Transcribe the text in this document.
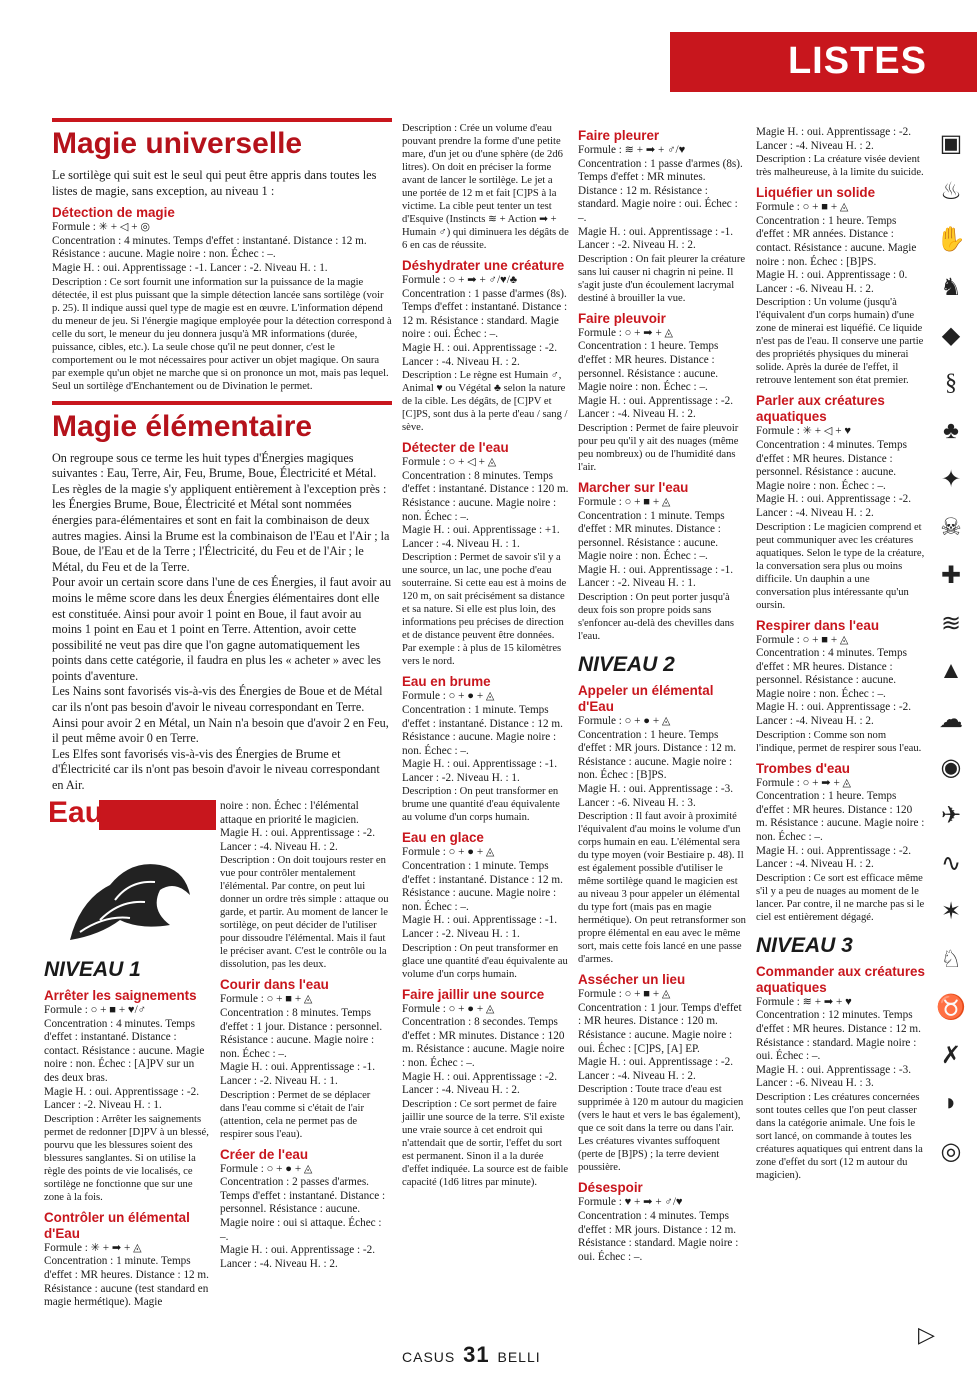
LISTES
Magie universelle
Le sortilège qui suit est le seul qui peut être appris dans toutes les listes de magie, sans exception, au niveau 1 :
Détection de magie
Formule : ✳ + ◁ + ◎
Concentration : 4 minutes. Temps d'effet : instantané. Distance : 12 m.
Résistance : aucune. Magie noire : non. Échec : –.
Magie H. : oui. Apprentissage : -1. Lancer : -2. Niveau H. : 1.
Description : Ce sort fournit une information sur la puissance de la magie détectée, il est plus puissant que la simple détection lancée sans sortilège (voir p. 25). Il indique aussi quel type de magie est en œuvre. L'information dépend du meneur de jeu. Si l'énergie magique employée pour la détection correspond à celle du sort, le meneur du jeu donnera jusqu'à MR informations (durée, puissance, cibles, etc.). La seule chose qu'il ne peut donner, c'est le comportement ou le mot nécessaires pour activer un objet magique. On saura par exemple qu'un objet ne marche que si on prononce un mot, mais pas lequel. Seul un sortilège d'Enchantement ou de Divination le permet.
Magie élémentaire
On regroupe sous ce terme les huit types d'Énergies magiques suivantes : Eau, Terre, Air, Feu, Brume, Boue, Électricité et Métal. Les règles de la magie s'y appliquent entièrement à l'exception près : les Énergies Brume, Boue, Électricité et Métal sont nommées énergies para-élémentaires et sont en fait la combinaison de deux autres magies. Ainsi la Brume est la combinaison de l'Eau et l'Air ; la Boue, de l'Eau et de la Terre ; l'Électricité, du Feu et de l'Air ; le Métal, du Feu et de la Terre.
Pour avoir un certain score dans l'une de ces Énergies, il faut avoir au moins le même score dans les deux Énergies élémentaires dont elle est constituée. Ainsi pour avoir 1 point en Boue, il faut avoir au moins 1 point en Eau et 1 point en Terre. Attention, avoir cette possibilité ne veut pas dire que l'on gagne automatiquement les points dans cette catégorie, il faudra en plus les « acheter » avec les points d'aventure.
Les Nains sont favorisés vis-à-vis des Énergies de Boue et de Métal car ils n'ont pas besoin d'avoir le niveau correspondant en Terre. Ainsi pour avoir 2 en Métal, un Nain n'a besoin que d'avoir 2 en Feu, il peut même avoir 0 en Terre.
Les Elfes sont favorisés vis-à-vis des Énergies de Brume et d'Électricité car ils n'ont pas besoin d'avoir le niveau correspondant en Air.
Eau
NIVEAU 1
Arrêter les saignements
Formule : ○ + ■ + ♥/♂
Concentration : 4 minutes. Temps d'effet : instantané. Distance : contact. Résistance : aucune. Magie noire : non. Échec : [A]PV sur un des deux bras.
Magie H. : oui. Apprentissage : -2. Lancer : -2. Niveau H. : 1.
Description : Arrêter les saignements permet de redonner [D]PV à un blessé, pourvu que les blessures soient des blessures sanglantes. Si on utilise la règle des points de vie localisés, ce sortilège ne fonctionne que sur une zone à la fois.
Contrôler un élémental d'Eau
Formule : ✳ + ➡ + ◬
Concentration : 1 minute. Temps d'effet : MR heures. Distance : 12 m.
Résistance : aucune (test standard en magie hermétique). Magie
noire : non. Échec : l'élémental attaque en priorité le magicien. Magie H. : oui. Apprentissage : -2. Lancer : -4. Niveau H. : 2.
Description : On doit toujours rester en vue pour contrôler mentalement l'élémental. Par contre, on peut lui donner un ordre très simple : attaque ou garde, et partir. Au moment de lancer le sortilège, on peut décider de l'utiliser pour dissoudre l'élémental. Mais il faut le préciser avant. C'est le contrôle ou la dissolution, pas les deux.
Courir dans l'eau
Formule : ○ + ■ + ◬
Concentration : 8 minutes. Temps d'effet : 1 jour. Distance : personnel. Résistance : aucune. Magie noire : non. Échec : –.
Magie H. : oui. Apprentissage : -1. Lancer : -2. Niveau H. : 1.
Description : Permet de se déplacer dans l'eau comme si c'était de l'air (attention, cela ne permet pas de respirer sous l'eau).
Créer de l'eau
Formule : ○ + ● + ◬
Concentration : 2 passes d'armes. Temps d'effet : instantané. Distance : personnel. Résistance : aucune. Magie noire : oui si attaque. Échec : –.
Magie H. : oui. Apprentissage : -2. Lancer : -4. Niveau H. : 2.
Description : Crée un volume d'eau pouvant prendre la forme d'une petite mare, d'un jet ou d'une sphère (de 2d6 litres). On doit en préciser la forme avant de lancer le sortilège. Le jet a une portée de 12 m et fait [C]PS à la victime. La cible peut tenter un test d'Esquive (Instincts ≋ + Action ➡ + Humain ♂) qui diminuera les dégâts de 6 en cas de réussite.
Déshydrater une créature
Formule : ○ + ➡ + ♂/♥/♣
Concentration : 1 passe d'armes (8s). Temps d'effet : instantané. Distance : 12 m. Résistance : standard. Magie noire : oui. Échec : –.
Magie H. : oui. Apprentissage : -2. Lancer : -4. Niveau H. : 2.
Description : Le règne est Humain ♂, Animal ♥ ou Végétal ♣ selon la nature de la cible. Les dégâts, de [C]PV et [C]PS, sont dus à la perte d'eau / sang / sève.
Détecter de l'eau
Formule : ○ + ◁ + ◬
Concentration : 8 minutes. Temps d'effet : instantané. Distance : 120 m. Résistance : aucune. Magie noire : non. Échec : –.
Magie H. : oui. Apprentissage : +1. Lancer : -4. Niveau H. : 1.
Description : Permet de savoir s'il y a une source, un lac, une poche d'eau souterraine. Si cette eau est à moins de 120 m, on sait précisément sa distance et sa nature. Si elle est plus loin, des informations peu précises de direction et de distance peuvent être données. Par exemple : à plus de 15 kilomètres vers le nord.
Eau en brume
Formule : ○ + ● + ◬
Concentration : 1 minute. Temps d'effet : instantané. Distance : 12 m. Résistance : aucune. Magie noire : non. Échec : –.
Magie H. : oui. Apprentissage : -1. Lancer : -2. Niveau H. : 1.
Description : On peut transformer en brume une quantité d'eau équivalente au volume d'un corps humain.
Eau en glace
Formule : ○ + ● + ◬
Concentration : 1 minute. Temps d'effet : instantané. Distance : 12 m. Résistance : aucune. Magie noire : non. Échec : –.
Magie H. : oui. Apprentissage : -1. Lancer : -2. Niveau H. : 1.
Description : On peut transformer en glace une quantité d'eau équivalente au volume d'un corps humain.
Faire jaillir une source
Formule : ○ + ● + ◬
Concentration : 8 secondes. Temps d'effet : MR minutes. Distance : 120 m. Résistance : aucune. Magie noire : non. Échec : –.
Magie H. : oui. Apprentissage : -2. Lancer : -4. Niveau H. : 2.
Description : Ce sort permet de faire jaillir une source de la terre. S'il existe une vraie source à cet endroit qui n'attendait que de sortir, l'effet du sort est permanent. Sinon il a la durée d'effet indiquée. La source est de faible capacité (1d6 litres par minute).
Faire pleurer
Formule : ≋ + ➡ + ♂/♥
Concentration : 1 passe d'armes (8s). Temps d'effet : MR minutes. Distance : 12 m. Résistance : standard. Magie noire : oui. Échec : –.
Magie H. : oui. Apprentissage : -1. Lancer : -2. Niveau H. : 2.
Description : On fait pleurer la créature sans lui causer ni chagrin ni peine. Il s'agit juste d'un écoulement lacrymal destiné à brouiller la vue.
Faire pleuvoir
Formule : ○ + ➡ + ◬
Concentration : 1 heure. Temps d'effet : MR heures. Distance : personnel. Résistance : aucune. Magie noire : non. Échec : –.
Magie H. : oui. Apprentissage : -2. Lancer : -4. Niveau H. : 2.
Description : Permet de faire pleuvoir pour peu qu'il y ait des nuages (même peu nombreux) ou de l'humidité dans l'air.
Marcher sur l'eau
Formule : ○ + ■ + ◬
Concentration : 1 minute. Temps d'effet : MR minutes. Distance : personnel. Résistance : aucune. Magie noire : non. Échec : –.
Magie H. : oui. Apprentissage : -1. Lancer : -2. Niveau H. : 1.
Description : On peut porter jusqu'à deux fois son propre poids sans s'enfoncer au-delà des chevilles dans l'eau.
NIVEAU 2
Appeler un élémental d'Eau
Formule : ○ + ● + ◬
Concentration : 1 heure. Temps d'effet : MR jours. Distance : 12 m. Résistance : aucune. Magie noire : non. Échec : [B]PS.
Magie H. : oui. Apprentissage : -3. Lancer : -6. Niveau H. : 3.
Description : Il faut avoir à proximité l'équivalent d'au moins le volume d'un corps humain en eau. L'élémental sera du type moyen (voir Bestiaire p. 48). Il est également possible d'utiliser le même sortilège quand le magicien est au niveau 3 pour appeler un élémental du type fort (mais pas en magie hermétique). On peut retransformer son propre élémental en eau avec le même sort, mais cette fois lancé en une passe d'armes.
Assécher un lieu
Formule : ○ + ■ + ◬
Concentration : 1 jour. Temps d'effet : MR heures. Distance : 120 m. Résistance : aucune. Magie noire : oui. Échec : [C]PS, [A] EP.
Magie H. : oui. Apprentissage : -2. Lancer : -4. Niveau H. : 2.
Description : Toute trace d'eau est supprimée à 120 m autour du magicien (vers le haut et vers le bas également), que ce soit dans la terre ou dans l'air. Les créatures vivantes suffoquent (perte de [B]PS) ; la terre devient poussière.
Désespoir
Formule : ♥ + ➡ + ♂/♥
Concentration : 4 minutes. Temps d'effet : MR jours. Distance : 12 m. Résistance : standard. Magie noire : oui. Échec : –.
Magie H. : oui. Apprentissage : -2. Lancer : -4. Niveau H. : 2.
Description : La créature visée devient très malheureuse, à la limite du suicide.
Liquéfier un solide
Formule : ○ + ■ + ◬
Concentration : 1 heure. Temps d'effet : MR années. Distance : contact. Résistance : aucune. Magie noire : non. Échec : [B]PS.
Magie H. : oui. Apprentissage : 0. Lancer : -6. Niveau H. : 2.
Description : Un volume (jusqu'à l'équivalent d'un corps humain) d'une zone de minerai est liquéfié. Ce liquide n'est pas de l'eau. Il conserve une partie des propriétés physiques du minerai solide. Après la durée de l'effet, il retrouve lentement son état premier.
Parler aux créatures aquatiques
Formule : ✳ + ◁ + ♥
Concentration : 4 minutes. Temps d'effet : MR heures. Distance : personnel. Résistance : aucune. Magie noire : non. Échec : –.
Magie H. : oui. Apprentissage : -2. Lancer : -4. Niveau H. : 2.
Description : Le magicien comprend et peut communiquer avec les créatures aquatiques. Selon le type de la créature, la conversation sera plus ou moins difficile. Un dauphin a une conversation plus intéressante qu'un oursin.
Respirer dans l'eau
Formule : ○ + ■ + ◬
Concentration : 4 minutes. Temps d'effet : MR heures. Distance : personnel. Résistance : aucune. Magie noire : non. Échec : –.
Magie H. : oui. Apprentissage : -2. Lancer : -4. Niveau H. : 2.
Description : Comme son nom l'indique, permet de respirer sous l'eau.
Trombes d'eau
Formule : ○ + ➡ + ◬
Concentration : 1 heure. Temps d'effet : MR heures. Distance : 120 m. Résistance : aucune. Magie noire : non. Échec : –.
Magie H. : oui. Apprentissage : -2. Lancer : -4. Niveau H. : 2.
Description : Ce sort est efficace même s'il y a peu de nuages au moment de le lancer. Par contre, il ne marche pas si le ciel est entièrement dégagé.
NIVEAU 3
Commander aux créatures aquatiques
Formule : ≋ + ➡ + ♥
Concentration : 12 minutes. Temps d'effet : MR heures. Distance : 12 m. Résistance : standard. Magie noire : oui. Échec : –.
Magie H. : oui. Apprentissage : -3. Lancer : -6. Niveau H. : 3.
Description : Les créatures concernées sont toutes celles que l'on peut classer dans la catégorie animale. Une fois le sort lancé, on commande à toutes les créatures aquatiques qui entrent dans la zone d'effet du sort (12 m autour du magicien).
▣
♨
✋
♞
◆
§
♣
✦
☠
✚
≋
▲
☁
◉
✈
∿
✶
♘
♉
✗
◗
◎
▷
CASUS 31 BELLI
